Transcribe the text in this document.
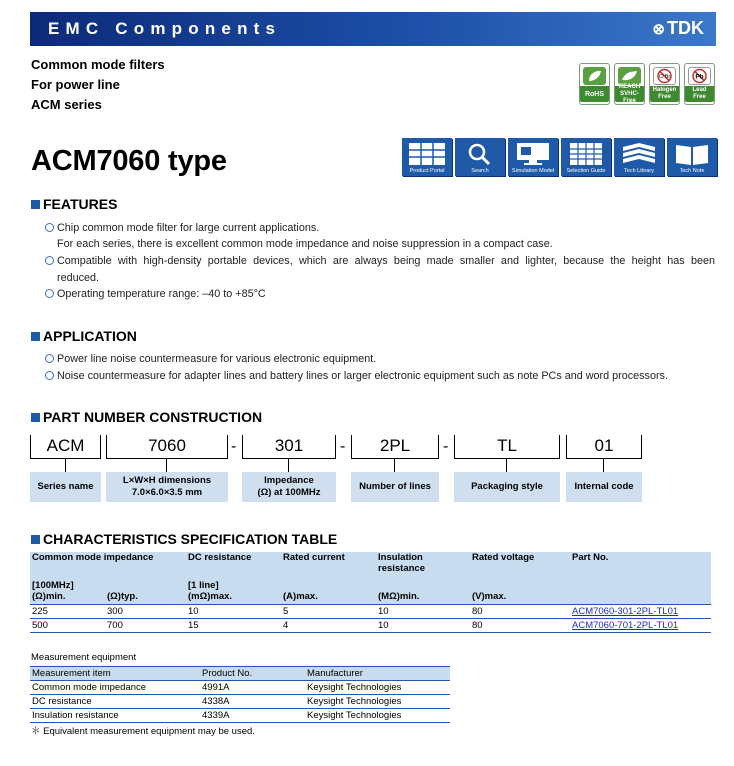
EMC Components	⊗ TDK
Common mode filters
For power line
ACM series
RoHS
REACH
SVHC-Free
Cl Br
Halogen
Free
Pb
Lead
Free
ACM7060 type	Product Portal	Search	Simulation Model	Selection Guide	Tech Library	Tech Note
FEATURES
Chip common mode filter for large current applications.
For each series, there is excellent common mode impedance and noise suppression in a compact case.
Compatible with high-density portable devices, which are always being made smaller and lighter, because the height has been
reduced.
Operating temperature range: –40 to +85°C
APPLICATION
Power line noise countermeasure for various electronic equipment.
Noise countermeasure for adapter lines and battery lines or larger electronic equipment such as note PCs and word processors.
PART NUMBER CONSTRUCTION
ACM	7060	-	301	-	2PL	-	TL	01
Series name
L×W×H dimensions
7.0×6.0×3.5 mm
Impedance
(Ω) at 100MHz
Number of lines	Packaging style	Internal code
CHARACTERISTICS SPECIFICATION TABLE
Common mode impedance		DC resistance	Rated current	Insulation
resistance	Rated voltage	Part No.
[100MHz]		[1 line]				
(Ω)min.	(Ω)typ.	(mΩ)max.	(A)max.	(MΩ)min.	(V)max.	
225	300	10	5	10	80	ACM7060-301-2PL-TL01
500	700	15	4	10	80	ACM7060-701-2PL-TL01
Measurement equipment
Measurement item	Product No.	Manufacturer
Common mode impedance	4991A	Keysight Technologies
DC resistance	4338A	Keysight Technologies
Insulation resistance	4339A	Keysight Technologies
＊ Equivalent measurement equipment may be used.
